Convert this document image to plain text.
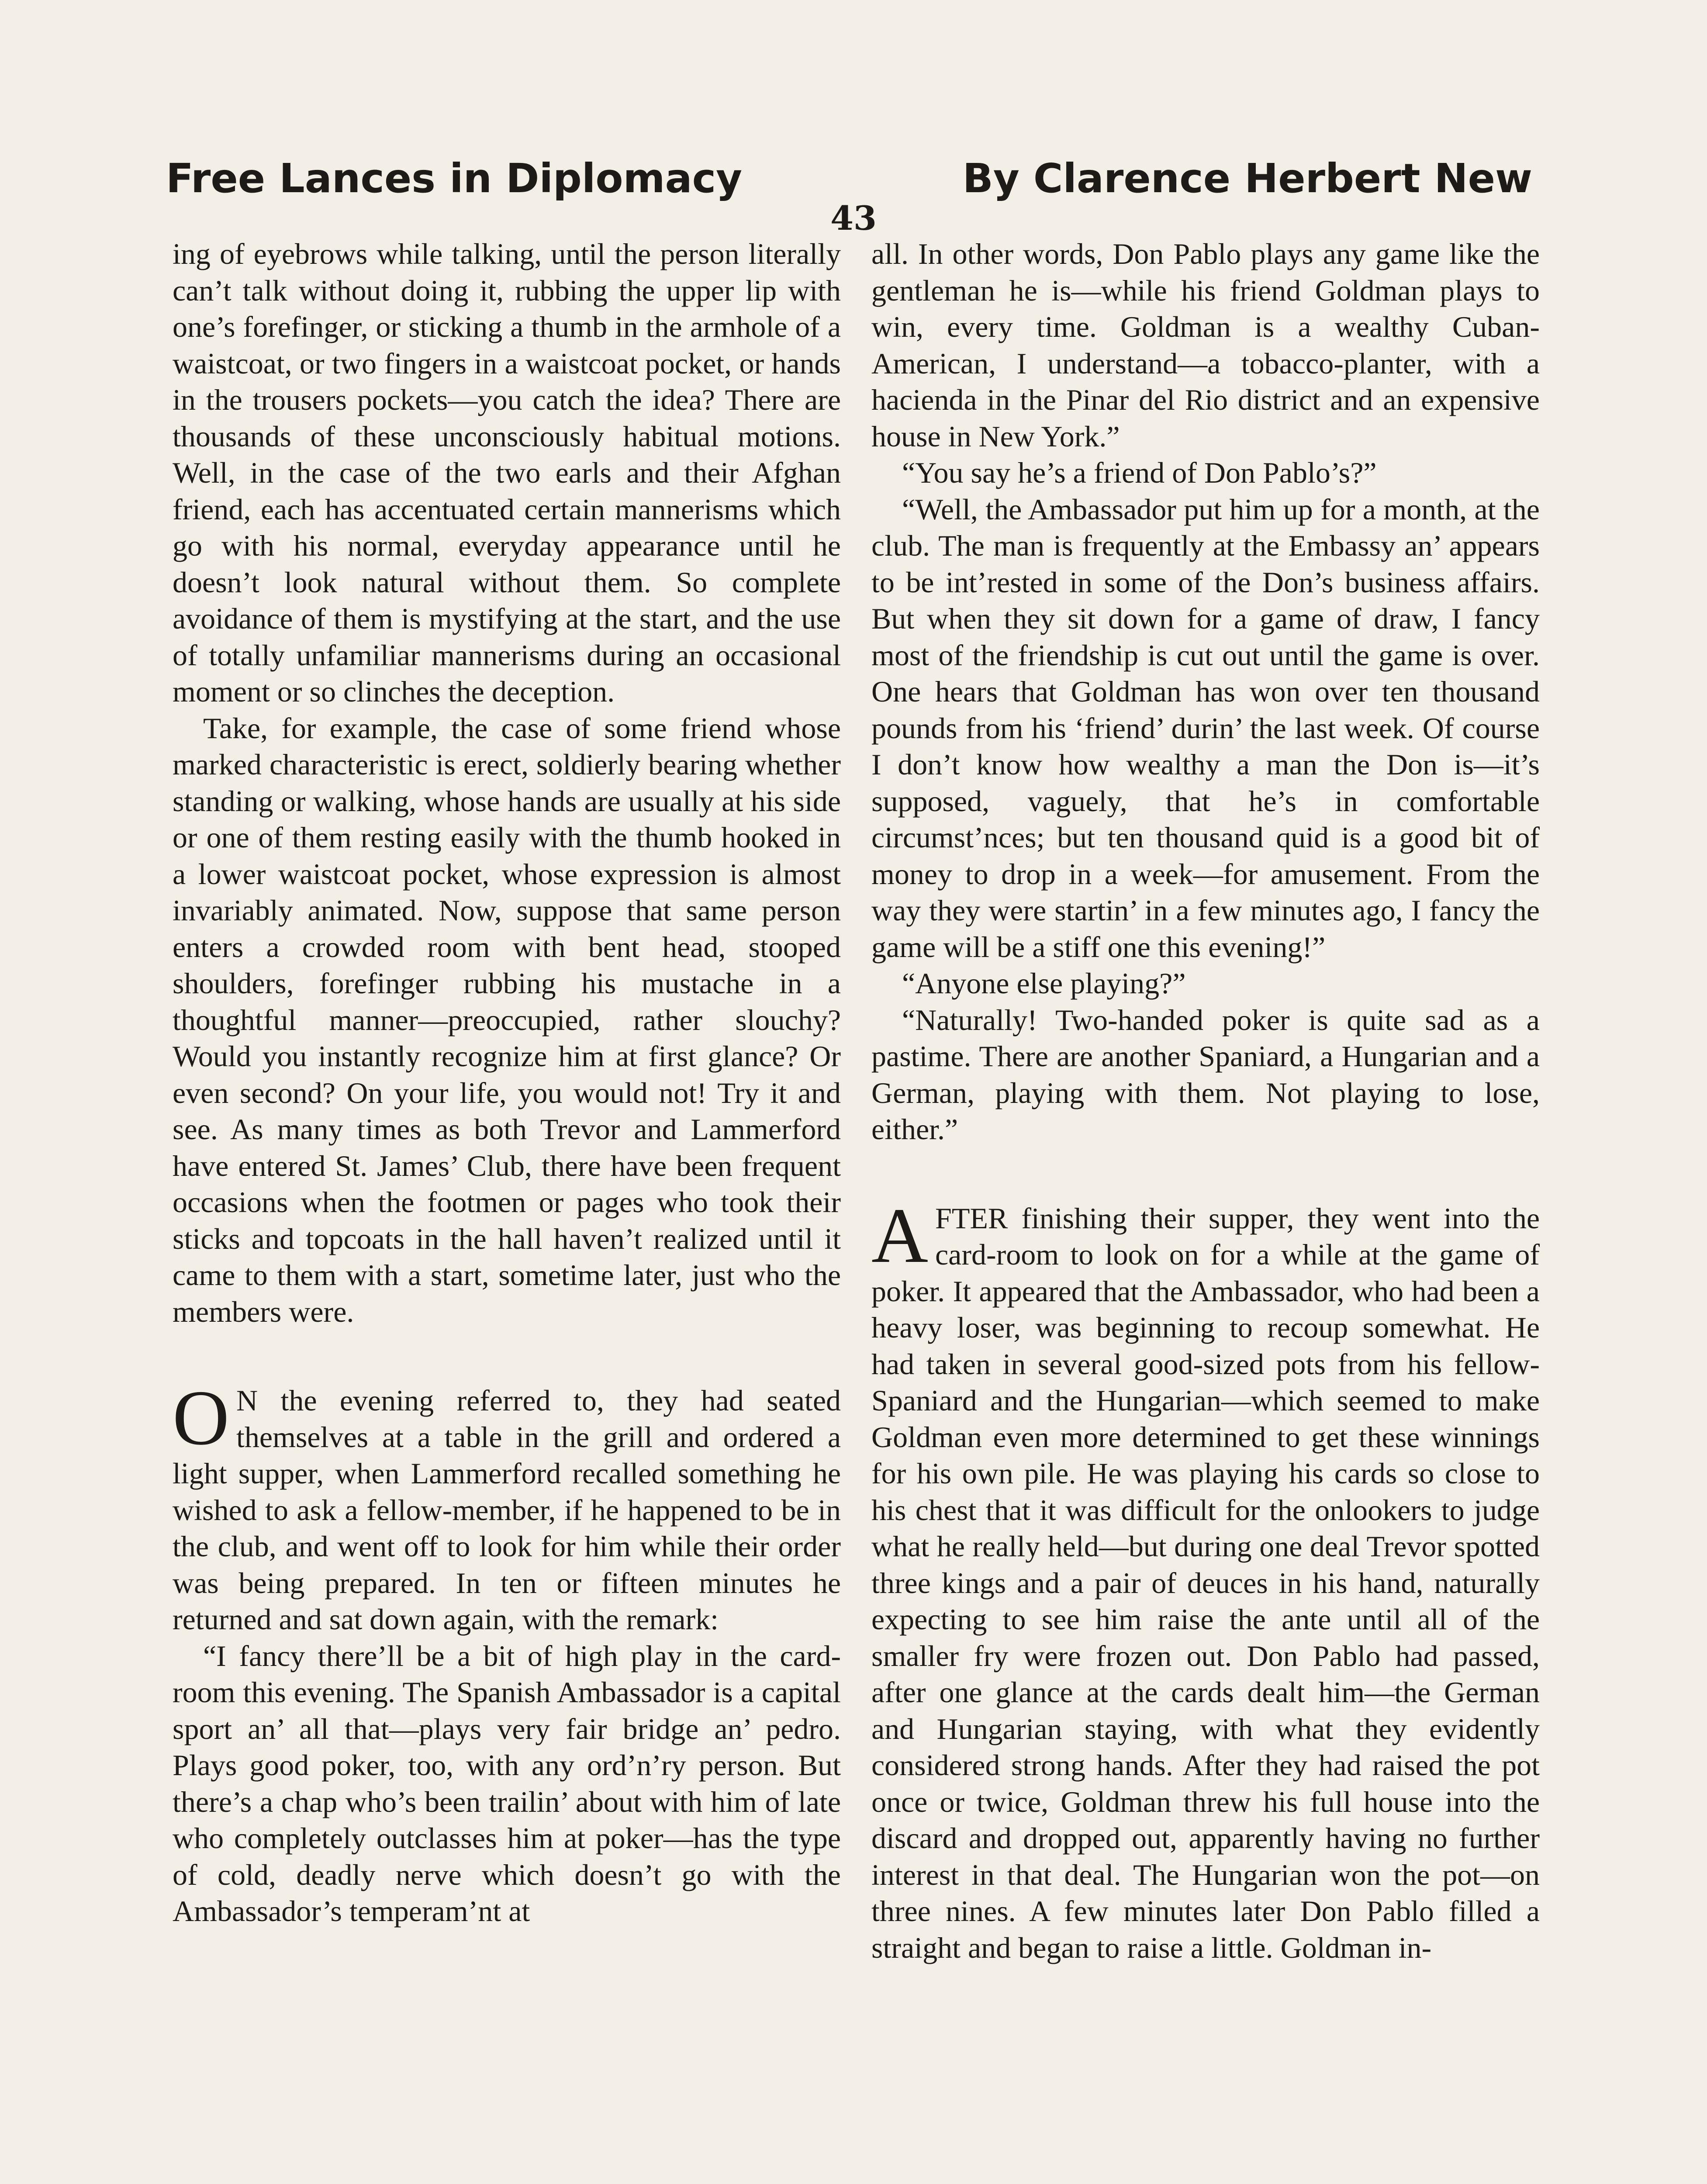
Free Lances in Diplomacy	By Clarence Herbert New
43

ing of eyebrows while talking, until the person literally can’t talk without doing it, rubbing the upper lip with one’s forefinger, or sticking a thumb in the armhole of a waistcoat, or two fingers in a waistcoat pocket, or hands in the trousers pockets—you catch the idea? There are thousands of these unconsciously habitual motions. Well, in the case of the two earls and their Afghan friend, each has accentuated certain mannerisms which go with his normal, everyday appearance until he doesn’t look natural without them. So complete avoidance of them is mystifying at the start, and the use of totally unfamiliar mannerisms during an occasional moment or so clinches the deception.

Take, for example, the case of some friend whose marked characteristic is erect, soldierly bearing whether standing or walking, whose hands are usually at his side or one of them resting easily with the thumb hooked in a lower waistcoat pocket, whose expression is almost invariably animated. Now, suppose that same person enters a crowded room with bent head, stooped shoulders, forefinger rubbing his mustache in a thoughtful manner—preoccupied, rather slouchy? Would you instantly recognize him at first glance? Or even second? On your life, you would not! Try it and see. As many times as both Trevor and Lammerford have entered St. James’ Club, there have been frequent occasions when the footmen or pages who took their sticks and topcoats in the hall haven’t realized until it came to them with a start, sometime later, just who the members were.

O N the evening referred to, they had seated themselves at a table in the grill and ordered a light supper, when Lammerford recalled something he wished to ask a fellow-member, if he happened to be in the club, and went off to look for him while their order was being prepared. In ten or fifteen minutes he returned and sat down again, with the remark:

“I fancy there’ll be a bit of high play in the card-room this evening. The Spanish Ambassador is a capital sport an’ all that—plays very fair bridge an’ pedro. Plays good poker, too, with any ord’n’ry person. But there’s a chap who’s been trailin’ about with him of late who completely outclasses him at poker—has the type of cold, deadly nerve which doesn’t go with the Ambassador’s temperam’nt at

all. In other words, Don Pablo plays any game like the gentleman he is—while his friend Goldman plays to win, every time. Goldman is a wealthy Cuban-American, I understand—a tobacco-planter, with a hacienda in the Pinar del Rio district and an expensive house in New York.”

“You say he’s a friend of Don Pablo’s?”

“Well, the Ambassador put him up for a month, at the club. The man is frequently at the Embassy an’ appears to be int’rested in some of the Don’s business affairs. But when they sit down for a game of draw, I fancy most of the friendship is cut out until the game is over. One hears that Goldman has won over ten thousand pounds from his ‘friend’ durin’ the last week. Of course I don’t know how wealthy a man the Don is—it’s supposed, vaguely, that he’s in comfortable circumst’nces; but ten thousand quid is a good bit of money to drop in a week—for amusement. From the way they were startin’ in a few minutes ago, I fancy the game will be a stiff one this evening!”

“Anyone else playing?”

“Naturally! Two-handed poker is quite sad as a pastime. There are another Spaniard, a Hungarian and a German, playing with them. Not playing to lose, either.”

AFTER finishing their supper, they went into the card-room to look on for a while at the game of poker. It appeared that the Ambassador, who had been a heavy loser, was beginning to recoup somewhat. He had taken in several good-sized pots from his fellow-Spaniard and the Hungarian—which seemed to make Goldman even more determined to get these winnings for his own pile. He was playing his cards so close to his chest that it was difficult for the onlookers to judge what he really held—but during one deal Trevor spotted three kings and a pair of deuces in his hand, naturally expecting to see him raise the ante until all of the smaller fry were frozen out. Don Pablo had passed, after one glance at the cards dealt him—the German and Hungarian staying, with what they evidently considered strong hands. After they had raised the pot once or twice, Goldman threw his full house into the discard and dropped out, apparently having no further interest in that deal. The Hungarian won the pot—on three nines. A few minutes later Don Pablo filled a straight and began to raise a little. Goldman in-
